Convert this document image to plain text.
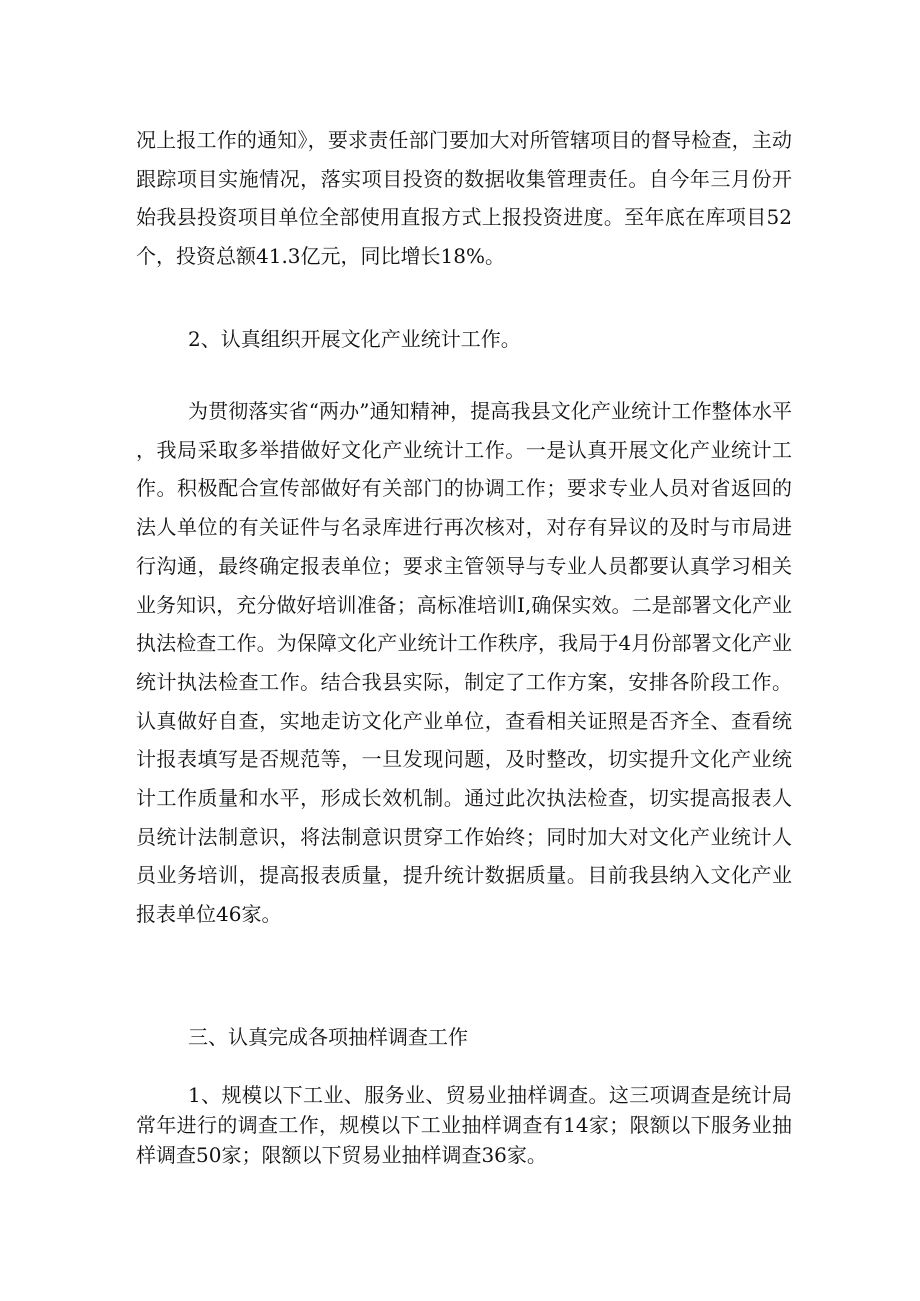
况上报工作的通知》，要求责任部门要加大对所管辖项目的督导检查，主动跟踪项目实施情况，落实项目投资的数据收集管理责任。自今年三月份开始我县投资项目单位全部使用直报方式上报投资进度。至年底在库项目52个，投资总额41.3亿元，同比增长18%。

2、认真组织开展文化产业统计工作。

为贯彻落实省“两办”通知精神，提高我县文化产业统计工作整体水平，我局采取多举措做好文化产业统计工作。一是认真开展文化产业统计工作。积极配合宣传部做好有关部门的协调工作；要求专业人员对省返回的法人单位的有关证件与名录库进行再次核对，对存有异议的及时与市局进行沟通，最终确定报表单位；要求主管领导与专业人员都要认真学习相关业务知识，充分做好培训准备；高标准培训I,确保实效。二是部署文化产业执法检查工作。为保障文化产业统计工作秩序，我局于4月份部署文化产业统计执法检查工作。结合我县实际，制定了工作方案，安排各阶段工作。认真做好自查，实地走访文化产业单位，查看相关证照是否齐全、查看统计报表填写是否规范等，一旦发现问题，及时整改，切实提升文化产业统计工作质量和水平，形成长效机制。通过此次执法检查，切实提高报表人员统计法制意识，将法制意识贯穿工作始终；同时加大对文化产业统计人员业务培训，提高报表质量，提升统计数据质量。目前我县纳入文化产业报表单位46家。

三、认真完成各项抽样调查工作

1、规模以下工业、服务业、贸易业抽样调查。这三项调查是统计局常年进行的调查工作，规模以下工业抽样调查有14家；限额以下服务业抽样调查50家；限额以下贸易业抽样调查36家。
